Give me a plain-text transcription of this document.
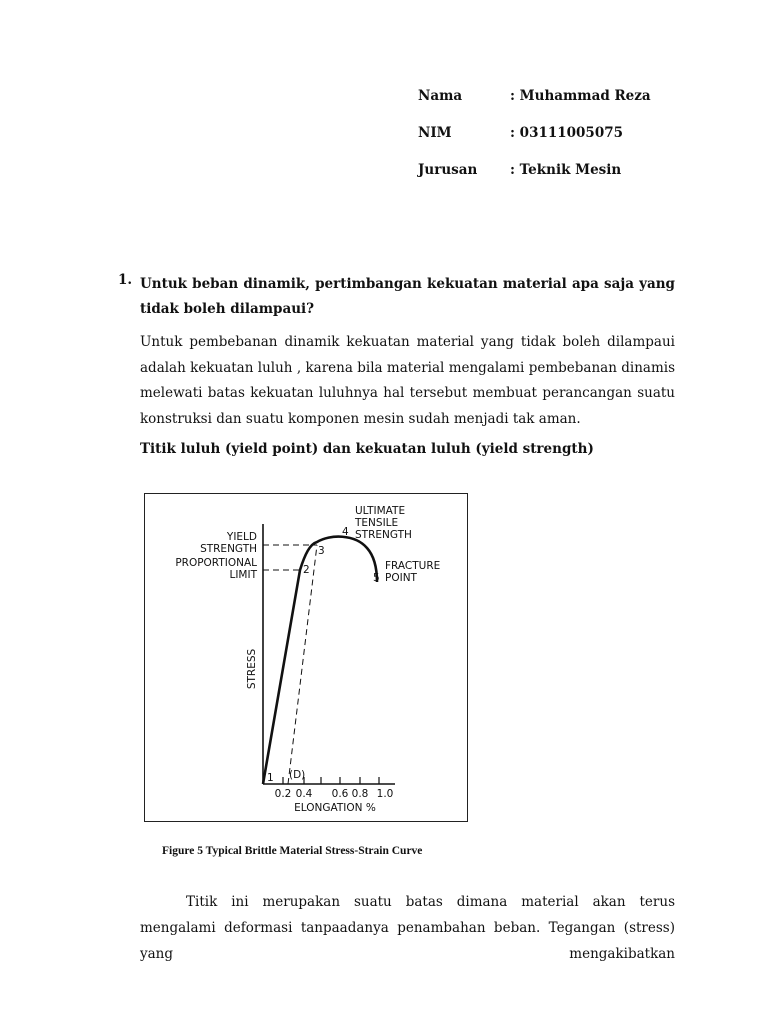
Nama	: Muhammad Reza
NIM	: 03111005075
Jurusan : Teknik Mesin
1. Untuk beban dinamik, pertimbangan kekuatan material apa saja yang tidak boleh dilampaui?
Untuk pembebanan dinamik kekuatan material yang tidak boleh dilampaui adalah kekuatan luluh , karena bila material mengalami pembebanan dinamis melewati batas kekuatan luluhnya hal tersebut membuat perancangan suatu konstruksi dan suatu komponen mesin sudah menjadi tak aman.
Titik luluh (yield point) dan kekuatan luluh (yield strength)
YIELD
STRENGTH
PROPORTIONAL
LIMIT
STRESS
ULTIMATE
TENSILE
STRENGTH
FRACTURE
POINT
1
2
3
4
5
(D)
0.2 0.4 0.6 0.8 1.0
ELONGATION %
Figure 5 Typical Brittle Material Stress-Strain Curve
Titik ini merupakan suatu batas dimana material akan terus mengalami deformasi tanpaadanya penambahan beban. Tegangan (stress) yang mengakibatkan
